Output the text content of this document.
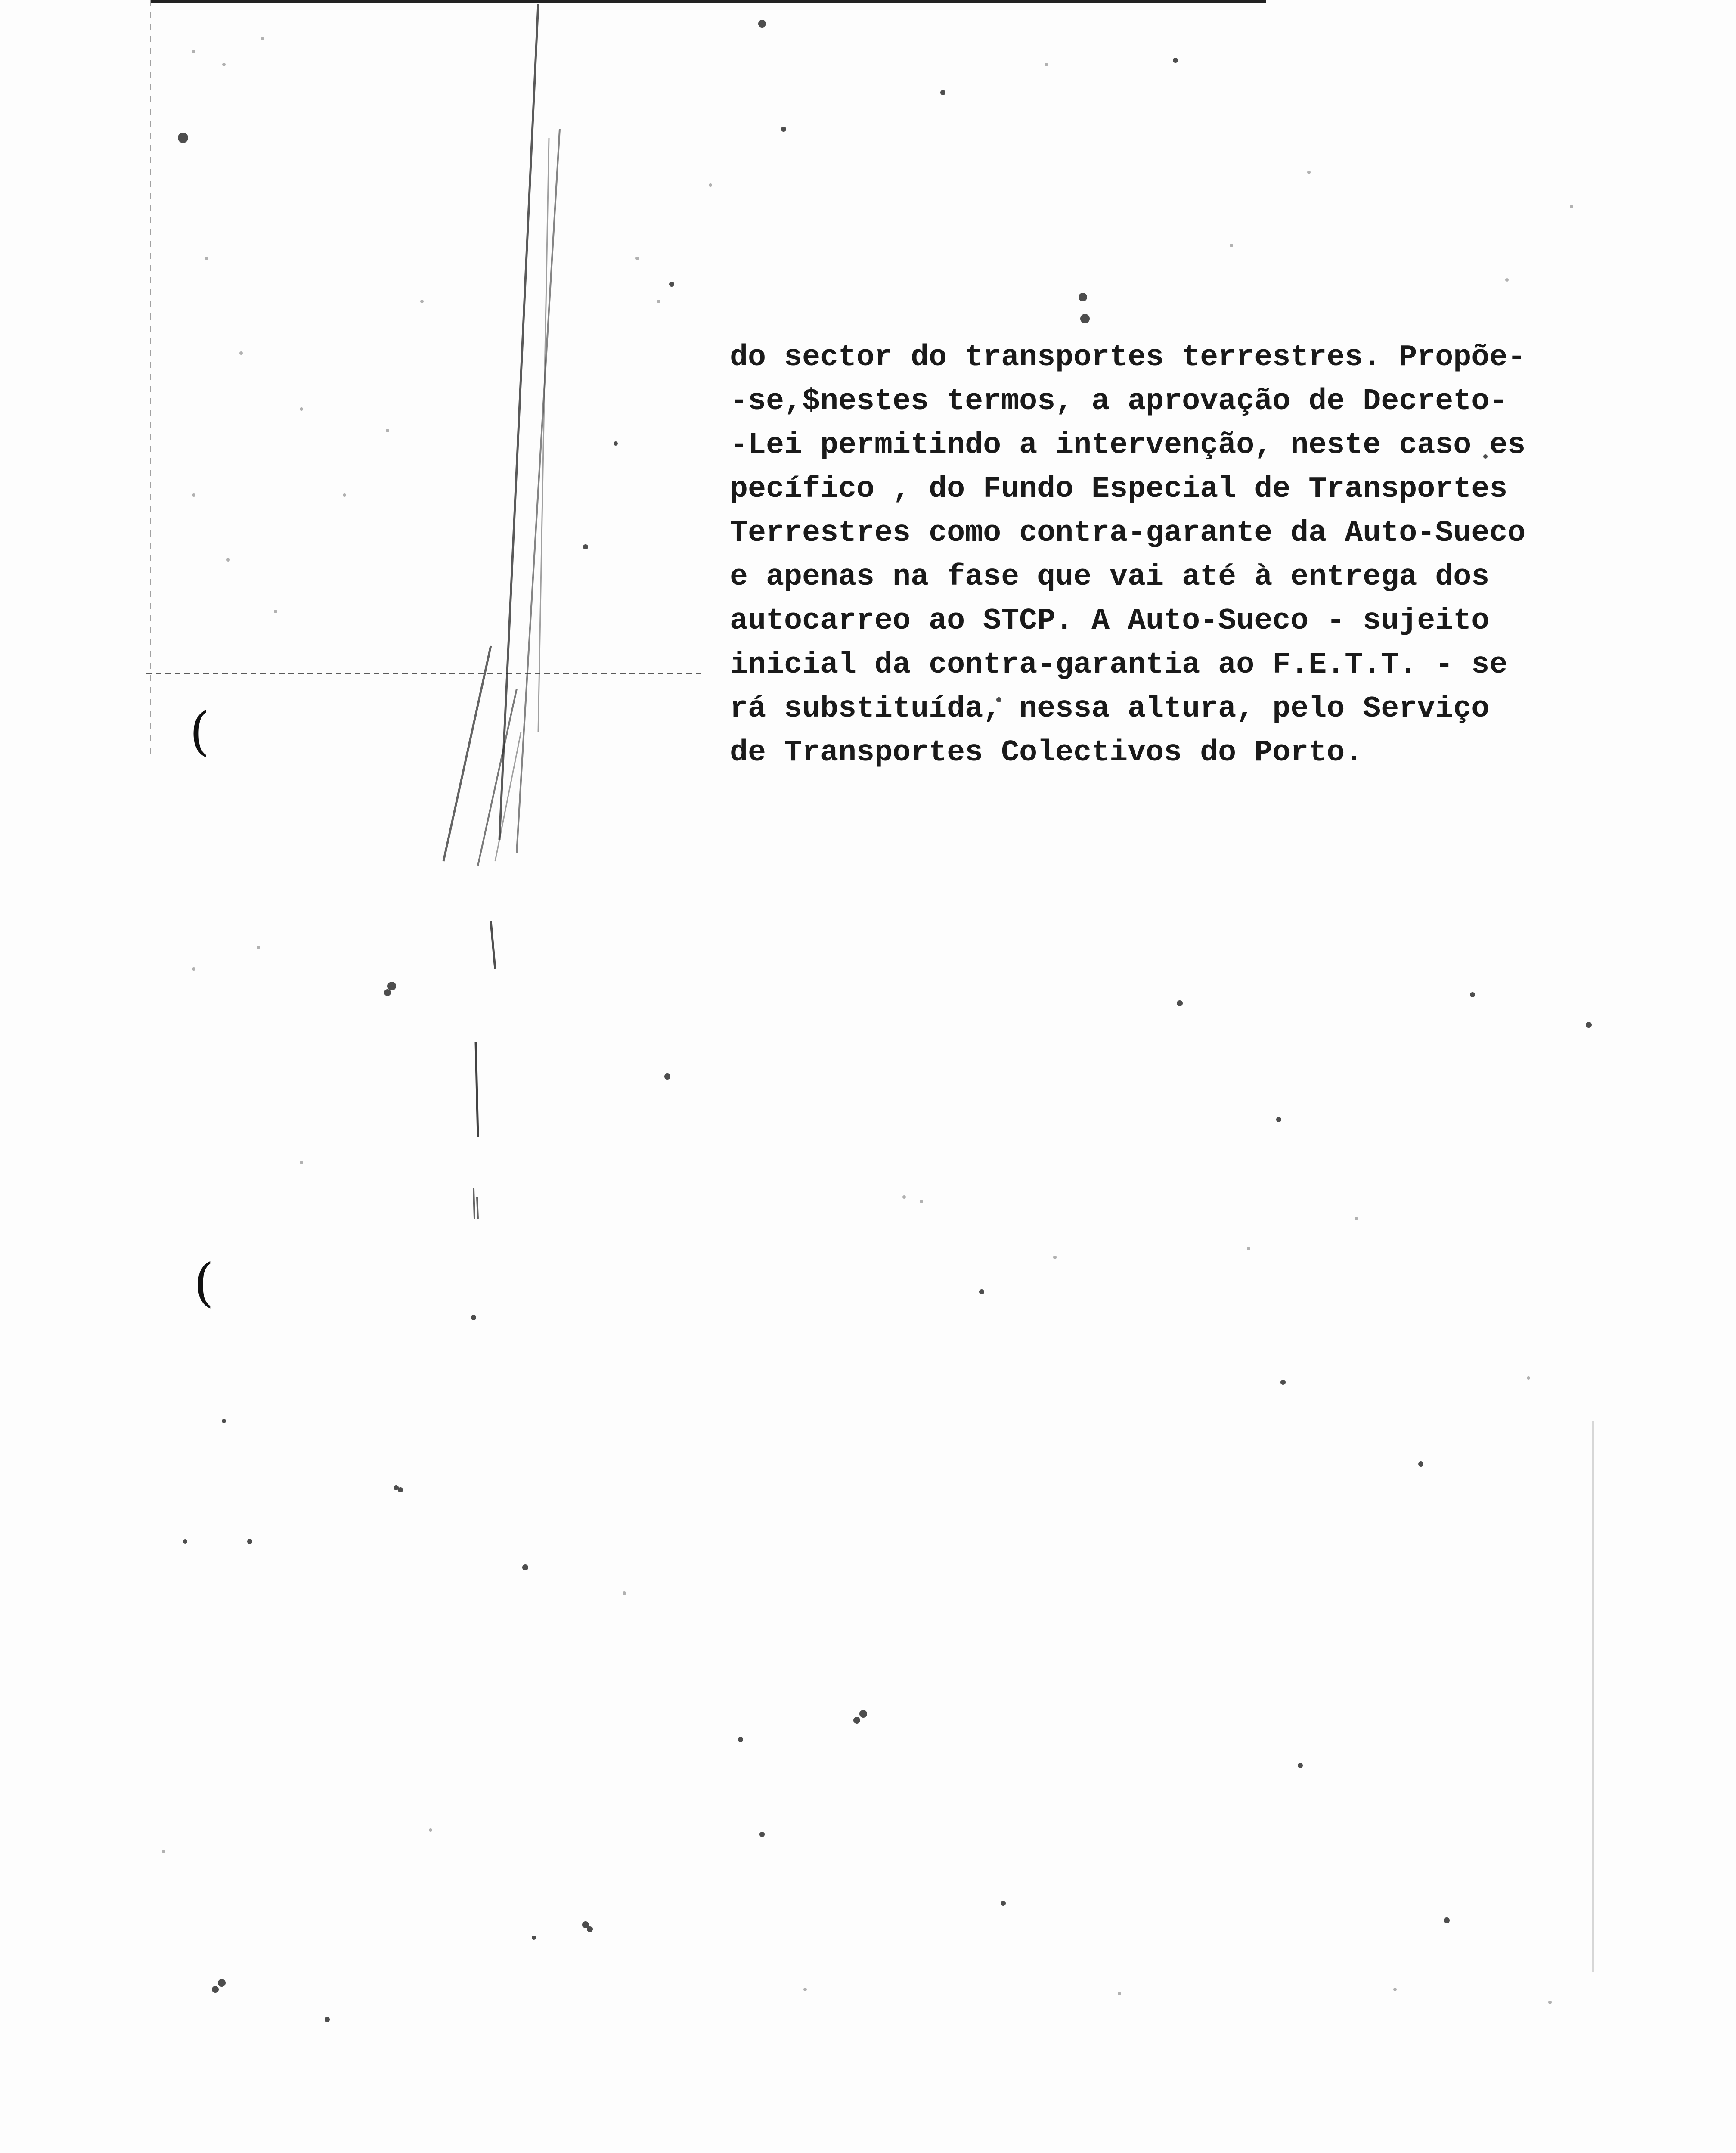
(
(
do sector do transportes terrestres. Propõe-
-se,$nestes termos, a aprovação de Decreto-
-Lei permitindo a intervenção, neste caso es
pecífico , do Fundo Especial de Transportes
Terrestres como contra-garante da Auto-Sueco
e apenas na fase que vai até à entrega dos
autocarreo ao STCP. A Auto-Sueco - sujeito
inicial da contra-garantia ao F.E.T.T. - se
rá substituída, nessa altura, pelo Serviço
de Transportes Colectivos do Porto.
